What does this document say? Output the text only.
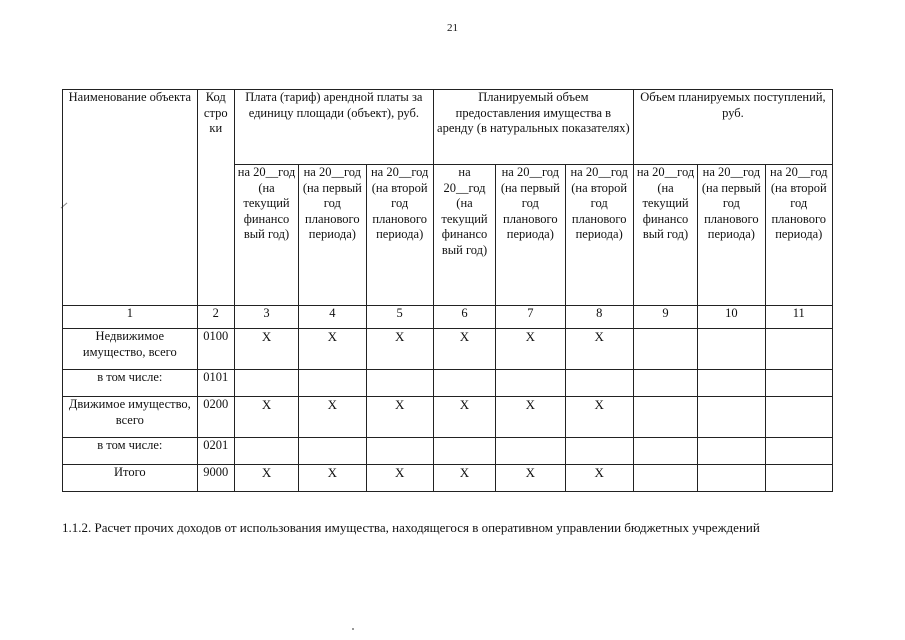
21
Наименование объекта	Код стро ки	Плата (тариф) арендной платы за единицу площади (объект), руб.			Планируемый объем предоставления имущества в аренду (в натуральных показателях)			Объем планируемых поступлений, руб.		
		на 20__год (на текущий финансо вый год)	на 20__год (на первый год планового периода)	на 20__год (на второй год планового периода)	на 20__год (на текущий финансо вый год)	на 20__год (на первый год планового периода)	на 20__год (на второй год планового периода)	на 20__год (на текущий финансо вый год)	на 20__год (на первый год планового периода)	на 20__год (на второй год планового периода)
1	2	3	4	5	6	7	8	9	10	11
Недвижимое имущество, всего	0100	X	X	X	X	X	X			
в том числе:	0101									
Движимое имущество, всего	0200	X	X	X	X	X	X			
в том числе:	0201									
Итого	9000	X	X	X	X	X	X			
1.1.2. Расчет прочих доходов от использования имущества, находящегося в оперативном управлении бюджетных учреждений
